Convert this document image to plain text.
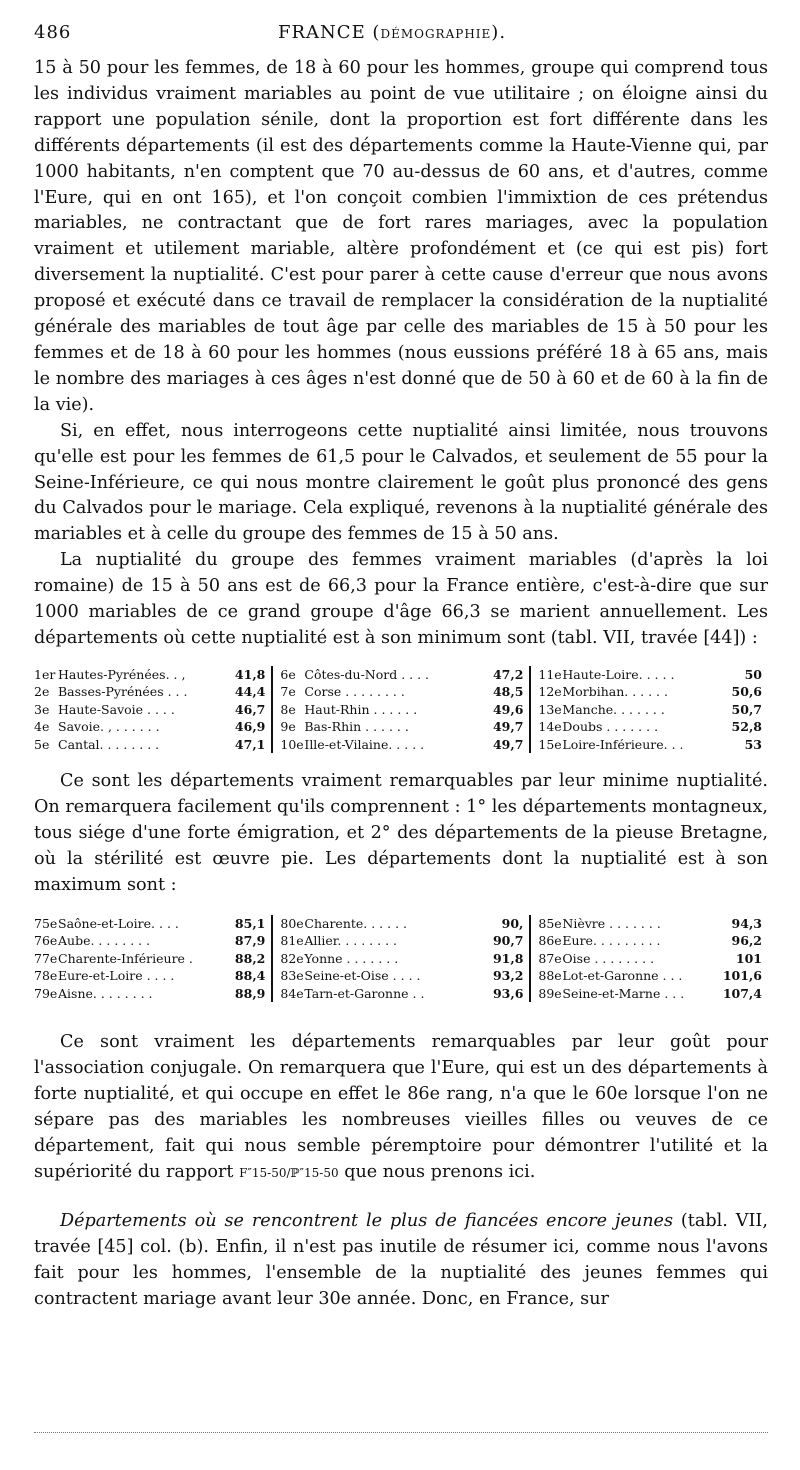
486	FRANCE (DÉMOGRAPHIE).

15 à 50 pour les femmes, de 18 à 60 pour les hommes, groupe qui comprend tous les individus vraiment mariables au point de vue utilitaire ; on éloigne ainsi du rapport une population sénile, dont la proportion est fort différente dans les différents départements (il est des départements comme la Haute-Vienne qui, par 1000 habitants, n'en comptent que 70 au-dessus de 60 ans, et d'autres, comme l'Eure, qui en ont 165), et l'on conçoit combien l'immixtion de ces prétendus mariables, ne contractant que de fort rares mariages, avec la population vraiment et utilement mariable, altère profondément et (ce qui est pis) fort diversement la nuptialité. C'est pour parer à cette cause d'erreur que nous avons proposé et exécuté dans ce travail de remplacer la considération de la nuptialité générale des mariables de tout âge par celle des mariables de 15 à 50 pour les femmes et de 18 à 60 pour les hommes (nous eussions préféré 18 à 65 ans, mais le nombre des mariages à ces âges n'est donné que de 50 à 60 et de 60 à la fin de la vie).

Si, en effet, nous interrogeons cette nuptialité ainsi limitée, nous trouvons qu'elle est pour les femmes de 61,5 pour le Calvados, et seulement de 55 pour la Seine-Inférieure, ce qui nous montre clairement le goût plus prononcé des gens du Calvados pour le mariage. Cela expliqué, revenons à la nuptialité générale des mariables et à celle du groupe des femmes de 15 à 50 ans.

La nuptialité du groupe des femmes vraiment mariables (d'après la loi romaine) de 15 à 50 ans est de 66,3 pour la France entière, c'est-à-dire que sur 1000 mariables de ce grand groupe d'âge 66,3 se marient annuellement. Les départements où cette nuptialité est à son minimum sont (tabl. VII, travée [44]) :

1er Hautes-Pyrénées. . ,	41,8
2e Basses-Pyrénées . . .	44,4
3e Haute-Savoie . . . .	46,7
4e Savoie. , . . . . . .	46,9
5e Cantal. . . . . . . .	47,1
6e Côtes-du-Nord . . . .	47,2
7e Corse . . . . . . . .	48,5
8e Haut-Rhin . . . . . .	49,6
9e Bas-Rhin . . . . . .	49,7
10e Ille-et-Vilaine. . . . .	49,7
11e Haute-Loire. . . . .	50
12e Morbihan. . . . . .	50,6
13e Manche. . . . . . .	50,7
14e Doubs . . . . . . .	52,8
15e Loire-Inférieure. . .	53

Ce sont les départements vraiment remarquables par leur minime nuptialité. On remarquera facilement qu'ils comprennent : 1° les départements montagneux, tous siége d'une forte émigration, et 2° des départements de la pieuse Bretagne, où la stérilité est œuvre pie. Les départements dont la nuptialité est à son maximum sont :

75e Saône-et-Loire. . . .	85,1
76e Aube. . . . . . . .	87,9
77e Charente-Inférieure .	88,2
78e Eure-et-Loire . . . .	88,4
79e Aisne. . . . . . . .	88,9
80e Charente. . . . . .	90,
81e Allier. . . . . . . .	90,7
82e Yonne . . . . . . .	91,8
83e Seine-et-Oise . . . .	93,2
84e Tarn-et-Garonne . .	93,6
85e Nièvre . . . . . . .	94,3
86e Eure. . . . . . . . .	96,2
87e Oise . . . . . . . .	101
88e Lot-et-Garonne . . .	101,6
89e Seine-et-Marne . . .	107,4

Ce sont vraiment les départements remarquables par leur goût pour l'association conjugale. On remarquera que l'Eure, qui est un des départements à forte nuptialité, et qui occupe en effet le 86e rang, n'a que le 60e lorsque l'on ne sépare pas des mariables les nombreuses vieilles filles ou veuves de ce département, fait qui nous semble péremptoire pour démontrer l'utilité et la supériorité du rapport F″15-50/ℙ″15-50 que nous prenons ici.

Départements où se rencontrent le plus de fiancées encore jeunes (tabl. VII, travée [45] col. (b). Enfin, il n'est pas inutile de résumer ici, comme nous l'avons fait pour les hommes, l'ensemble de la nuptialité des jeunes femmes qui contractent mariage avant leur 30e année. Donc, en France, sur
